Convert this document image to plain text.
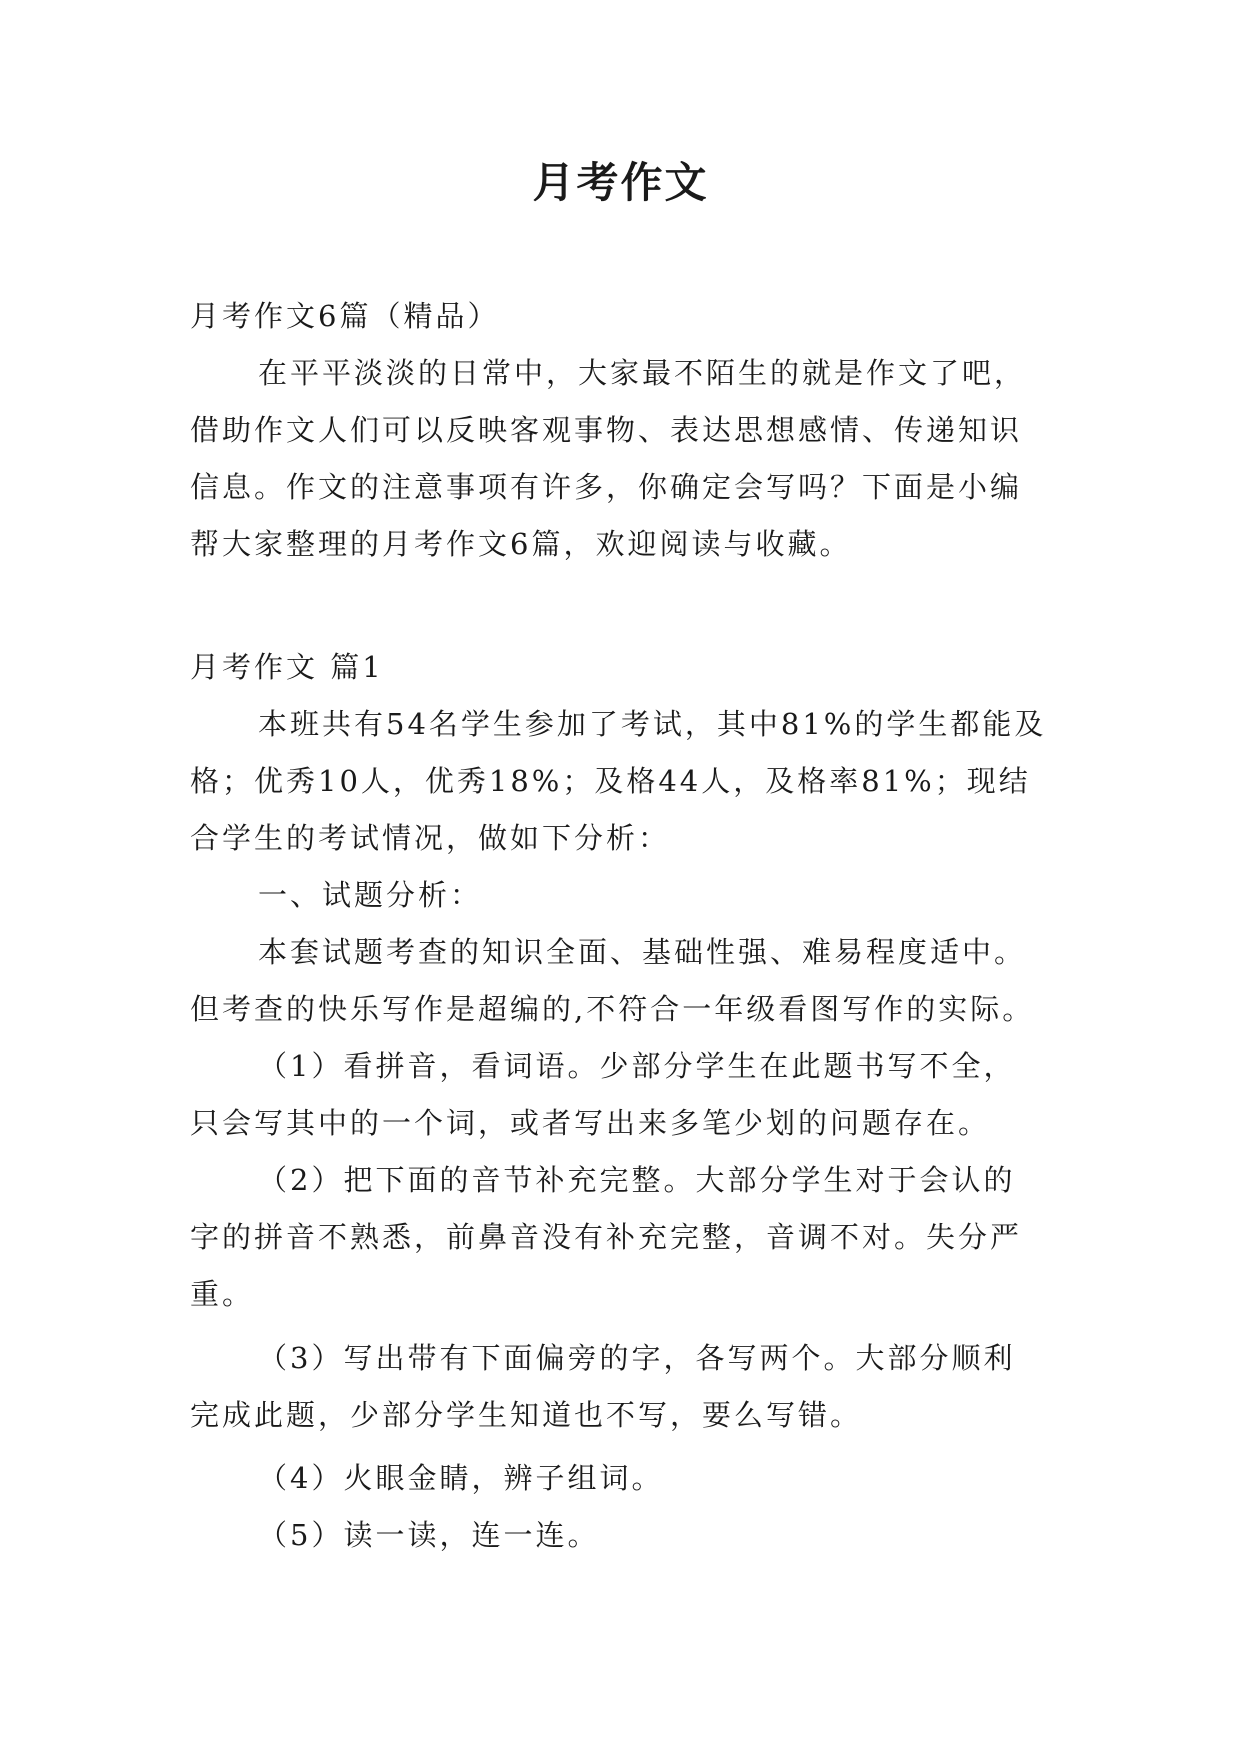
月考作文

月考作文6篇（精品）

在平平淡淡的日常中，大家最不陌生的就是作文了吧，

借助作文人们可以反映客观事物、表达思想感情、传递知识

信息。作文的注意事项有许多，你确定会写吗？下面是小编

帮大家整理的月考作文6篇，欢迎阅读与收藏。

月考作文 篇1

本班共有54名学生参加了考试，其中81%的学生都能及

格；优秀10人，优秀18%；及格44人，及格率81%；现结

合学生的考试情况，做如下分析：

一、试题分析：

本套试题考查的知识全面、基础性强、难易程度适中。

但考查的快乐写作是超编的,不符合一年级看图写作的实际。

（1）看拼音，看词语。少部分学生在此题书写不全，

只会写其中的一个词，或者写出来多笔少划的问题存在。

（2）把下面的音节补充完整。大部分学生对于会认的

字的拼音不熟悉，前鼻音没有补充完整，音调不对。失分严

重。

（3）写出带有下面偏旁的字，各写两个。大部分顺利

完成此题，少部分学生知道也不写，要么写错。

（4）火眼金睛，辨子组词。

（5）读一读，连一连。
